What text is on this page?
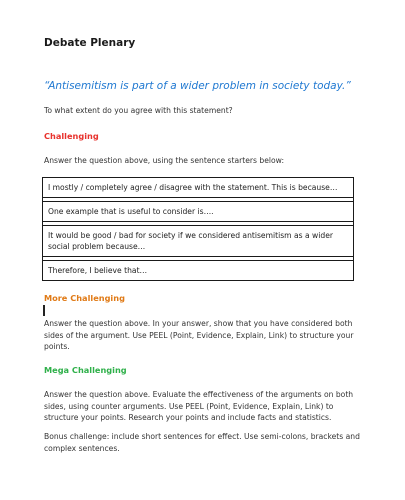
Debate Plenary
“Antisemitism is part of a wider problem in society today.”
To what extent do you agree with this statement?
Challenging
Answer the question above, using the sentence starters below:
I mostly / completely agree / disagree with the statement. This is because…
One example that is useful to consider is….
It would be good / bad for society if we considered antisemitism as a wider social problem because…
Therefore, I believe that…
More Challenging
Answer the question above. In your answer, show that you have considered both sides of the argument. Use PEEL (Point, Evidence, Explain, Link) to structure your points.
Mega Challenging
Answer the question above. Evaluate the effectiveness of the arguments on both sides, using counter arguments. Use PEEL (Point, Evidence, Explain, Link) to structure your points. Research your points and include facts and statistics.
Bonus challenge: include short sentences for effect. Use semi-colons, brackets and complex sentences.
